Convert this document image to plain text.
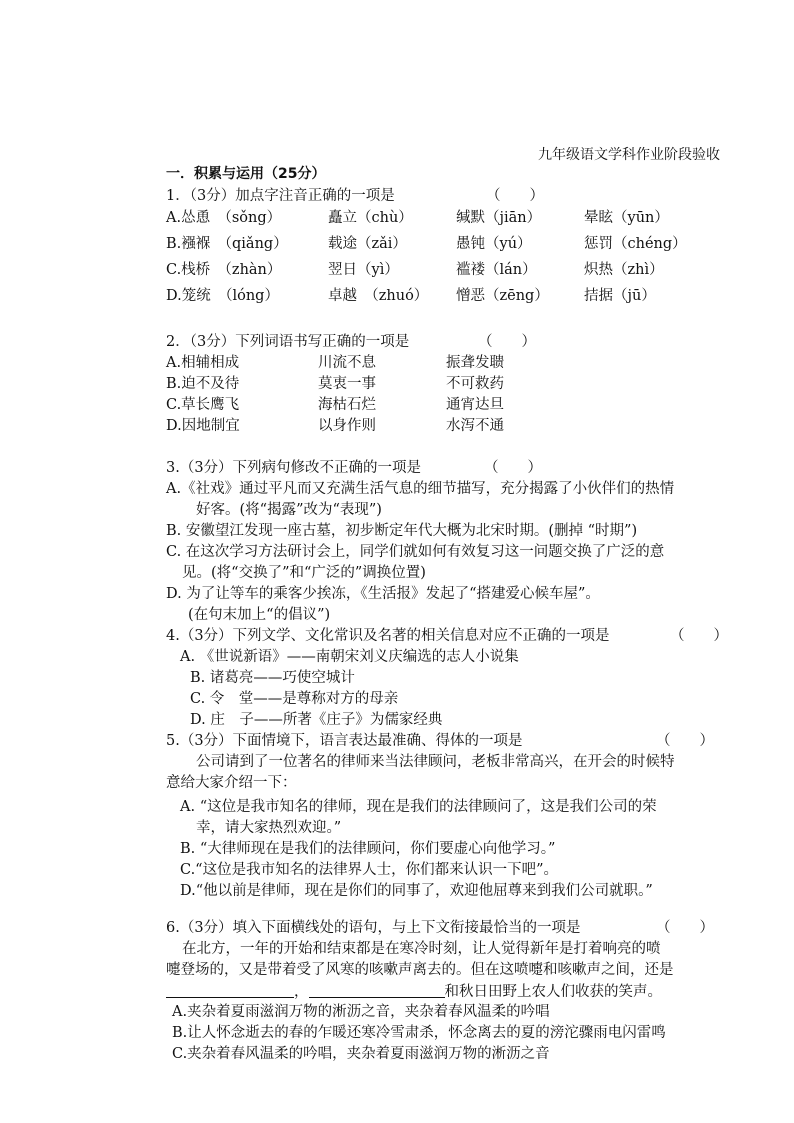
九年级语文学科作业阶段验收
一．积累与运用（25分）
1．（3分）加点字注音正确的一项是	（　　）
A.怂恿　（sǒng）	矗立（chù）	缄默（jiān）	晕眩（yūn）
B.襁褓　（qiǎng）	载途（zǎi）	愚钝（yú）	惩罚（chéng）
C.栈桥　（zhàn）	翌日（yì）	褴褛（lán）	炽热（zhì）
D.笼统　（lóng）	卓越　（zhuó） 憎恶（zēng） 拮据（jū）
2．（3分）下列词语书写正确的一项是	（　　）
A.相辅相成	川流不息	振聋发聩
B.迫不及待	莫衷一事	不可救药
C.草长鹰飞	海枯石烂	通宵达旦
D.因地制宜	以身作则	水泻不通
3.（3分）下列病句修改不正确的一项是	（　　）
A.《社戏》通过平凡而又充满生活气息的细节描写，充分揭露了小伙伴们的热情
好客。(将“揭露”改为“表现”)
B. 安徽望江发现一座古墓，初步断定年代大概为北宋时期。(删掉 “时期”)
C. 在这次学习方法研讨会上，同学们就如何有效复习这一问题交换了广泛的意
见。(将“交换了”和“广泛的”调换位置)
D. 为了让等车的乘客少挨冻，《生活报》发起了“搭建爱心候车屋”。
(在句末加上“的倡议”)
4.（3分）下列文学、文化常识及名著的相关信息对应不正确的一项是	（　　）
A. 《世说新语》——南朝宋刘义庆编选的志人小说集
B. 诸葛亮——巧使空城计
C. 令　堂——是尊称对方的母亲
D. 庄　子——所著《庄子》为儒家经典
5.（3分）下面情境下，语言表达最准确、得体的一项是	（　　）
公司请到了一位著名的律师来当法律顾问，老板非常高兴，在开会的时候特
意给大家介绍一下：
A. “这位是我市知名的律师，现在是我们的法律顾问了，这是我们公司的荣
幸，请大家热烈欢迎。”
B. “大律师现在是我们的法律顾问，你们要虚心向他学习。”
C.“这位是我市知名的法律界人士，你们都来认识一下吧”。
D.“他以前是律师，现在是你们的同事了，欢迎他屈尊来到我们公司就职。”
6.（3分）填入下面横线处的语句，与上下文衔接最恰当的一项是	（　　）
在北方，一年的开始和结束都是在寒冷时刻，让人觉得新年是打着响亮的喷
嚏登场的，又是带着受了风寒的咳嗽声离去的。但在这喷嚏和咳嗽声之间，还是
，	和秋日田野上农人们收获的笑声。
A.夹杂着夏雨滋润万物的淅沥之音，夹杂着春风温柔的吟唱
B.让人怀念逝去的春的乍暖还寒冷雪肃杀，怀念离去的夏的滂沱骤雨电闪雷鸣
C.夹杂着春风温柔的吟唱，夹杂着夏雨滋润万物的淅沥之音
